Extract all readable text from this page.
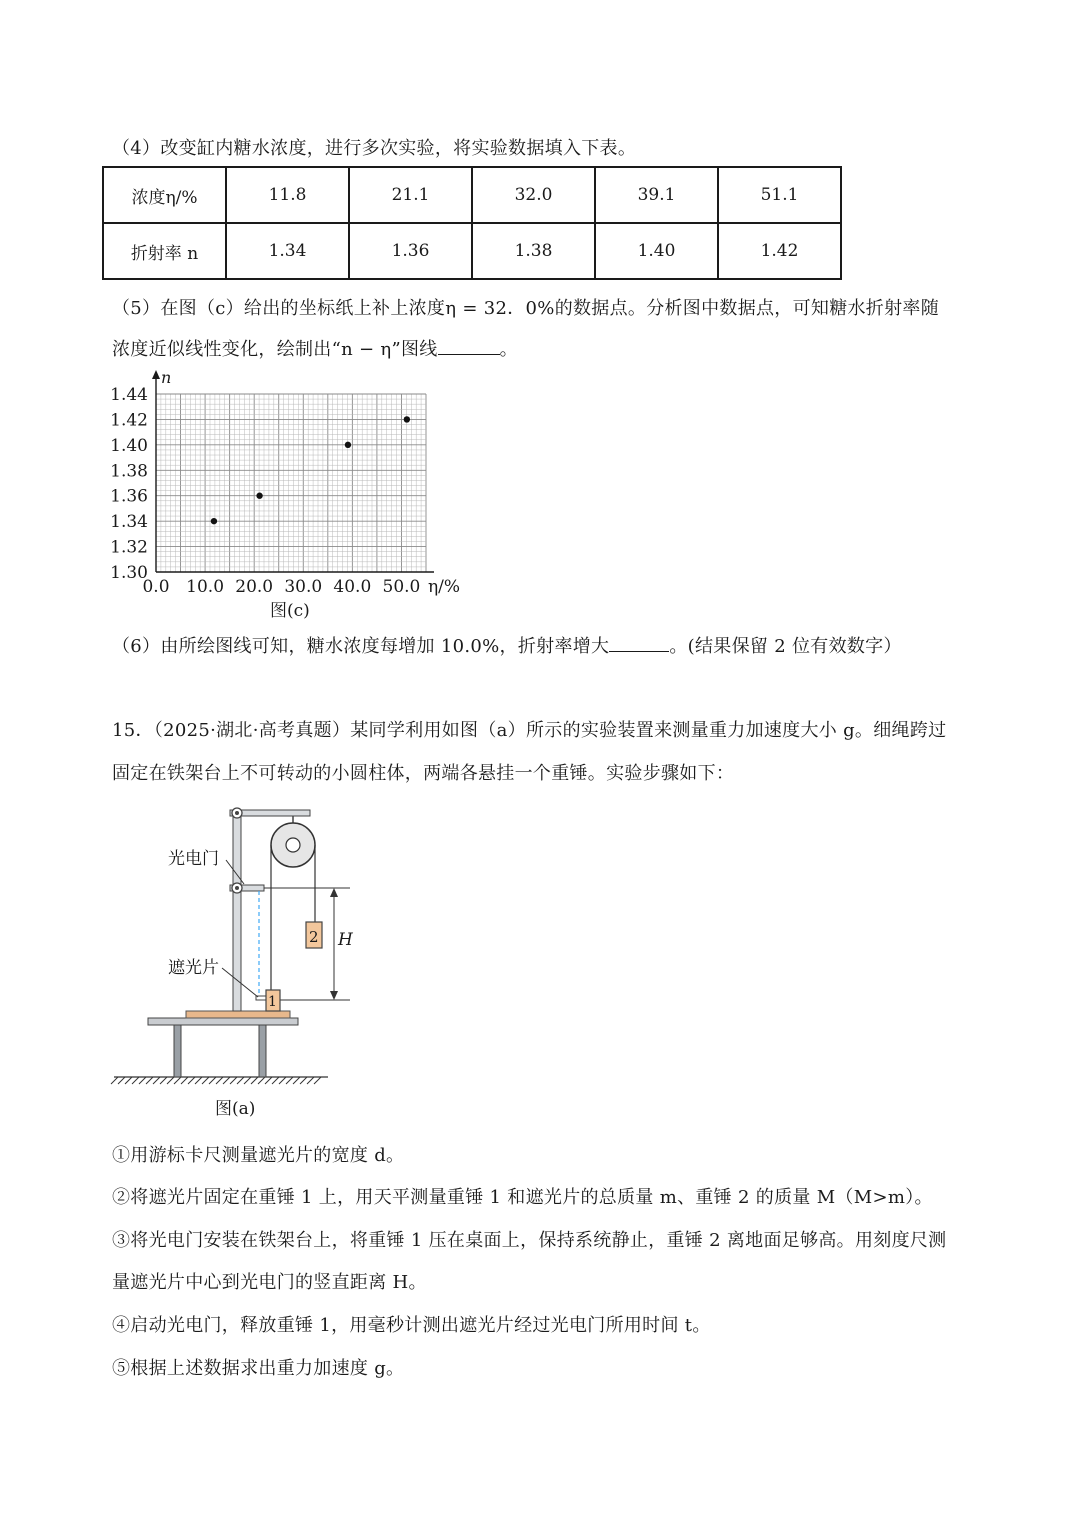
（4）改变缸内糖水浓度，进行多次实验，将实验数据填入下表。
浓度η/%	11.8	21.1	32.0	39.1	51.1
折射率 n	1.34	1.36	1.38	1.40	1.42
（5）在图（c）给出的坐标纸上补上浓度η = 32．0%的数据点。分析图中数据点，可知糖水折射率随
浓度近似线性变化，绘制出“n − η”图线	。
1.30
1.32
1.34
1.36
1.38
1.40
1.42
1.44
0.0 10.0 20.0 30.0 40.0 50.0
n
η/%
图(c)
（6）由所绘图线可知，糖水浓度每增加 10.0%，折射率增大	。(结果保留 2 位有效数字）
15．（2025·湖北·高考真题）某同学利用如图（a）所示的实验装置来测量重力加速度大小 g。细绳跨过
固定在铁架台上不可转动的小圆柱体，两端各悬挂一个重锤。实验步骤如下：
H
2
1
光电门
遮光片
图(a)
①用游标卡尺测量遮光片的宽度 d。
②将遮光片固定在重锤 1 上，用天平测量重锤 1 和遮光片的总质量 m、重锤 2 的质量 M（M>m）。
③将光电门安装在铁架台上，将重锤 1 压在桌面上，保持系统静止，重锤 2 离地面足够高。用刻度尺测
量遮光片中心到光电门的竖直距离 H。
④启动光电门，释放重锤 1，用毫秒计测出遮光片经过光电门所用时间 t。
⑤根据上述数据求出重力加速度 g。
